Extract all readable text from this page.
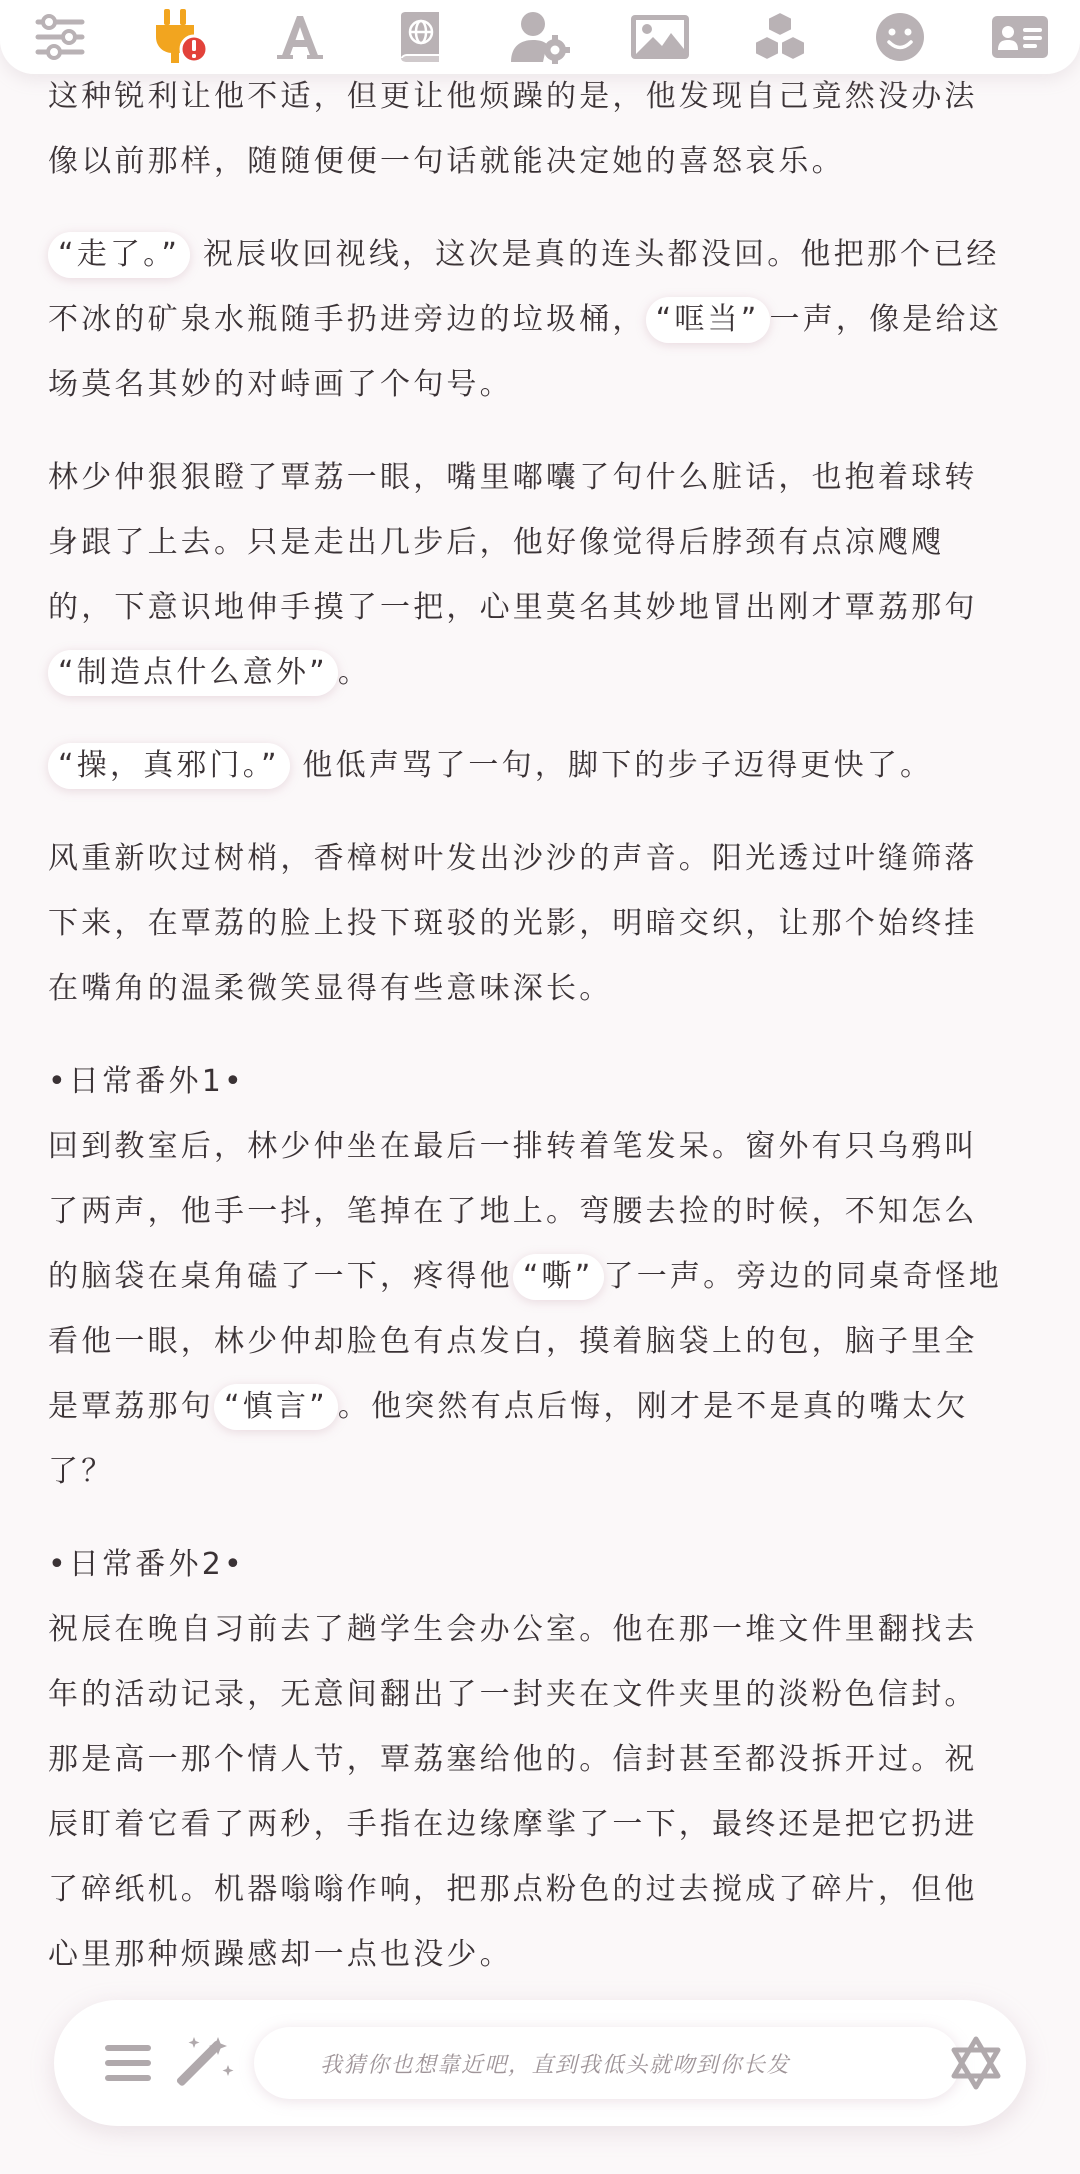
这种锐利让他不适，但更让他烦躁的是，他发现自己竟然没办法像以前那样，随随便便一句话就能决定她的喜怒哀乐。

“走了。” 祝辰收回视线，这次是真的连头都没回。他把那个已经不冰的矿泉水瓶随手扔进旁边的垃圾桶， “哐当” 一声，像是给这场莫名其妙的对峙画了个句号。

林少仲狠狠瞪了覃荔一眼，嘴里嘟囔了句什么脏话，也抱着球转身跟了上去。只是走出几步后，他好像觉得后脖颈有点凉飕飕的，下意识地伸手摸了一把，心里莫名其妙地冒出刚才覃荔那句“制造点什么意外” 。

“操，真邪门。” 他低声骂了一句，脚下的步子迈得更快了。

风重新吹过树梢，香樟树叶发出沙沙的声音。阳光透过叶缝筛落下来，在覃荔的脸上投下斑驳的光影，明暗交织，让那个始终挂在嘴角的温柔微笑显得有些意味深长。

•日常番外1•

回到教室后，林少仲坐在最后一排转着笔发呆。窗外有只乌鸦叫了两声，他手一抖，笔掉在了地上。弯腰去捡的时候，不知怎么的脑袋在桌角磕了一下，疼得他 “嘶” 了一声。旁边的同桌奇怪地看他一眼，林少仲却脸色有点发白，摸着脑袋上的包，脑子里全是覃荔那句 “慎言” 。他突然有点后悔，刚才是不是真的嘴太欠了？

•日常番外2•

祝辰在晚自习前去了趟学生会办公室。他在那一堆文件里翻找去年的活动记录，无意间翻出了一封夹在文件夹里的淡粉色信封。那是高一那个情人节，覃荔塞给他的。信封甚至都没拆开过。祝辰盯着它看了两秒，手指在边缘摩挲了一下，最终还是把它扔进了碎纸机。机器嗡嗡作响，把那点粉色的过去搅成了碎片，但他心里那种烦躁感却一点也没少。

我猜你也想靠近吧，直到我低头就吻到你长发
